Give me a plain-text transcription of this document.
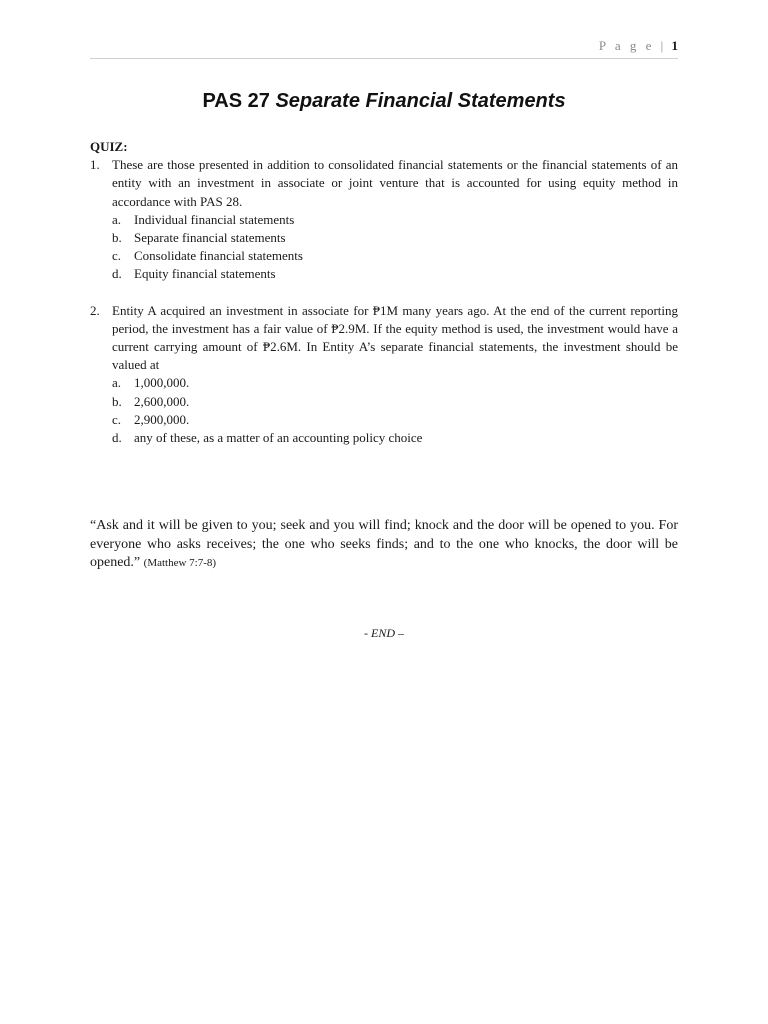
P a g e | 1
PAS 27 Separate Financial Statements

QUIZ:

1. These are those presented in addition to consolidated financial statements or the financial statements of an entity with an investment in associate or joint venture that is accounted for using equity method in accordance with PAS 28.

a. Individual financial statements
b. Separate financial statements
c. Consolidate financial statements
d. Equity financial statements
2. Entity A acquired an investment in associate for ₱1M many years ago. At the end of the current reporting period, the investment has a fair value of ₱2.9M. If the equity method is used, the investment would have a current carrying amount of ₱2.6M. In Entity A’s separate financial statements, the investment should be valued at

a. 1,000,000.
b. 2,600,000.
c. 2,900,000.
d. any of these, as a matter of an accounting policy choice

“Ask and it will be given to you; seek and you will find; knock and the door will be opened to you. For everyone who asks receives; the one who seeks finds; and to the one who knocks, the door will be opened.” (Matthew 7:7-8)

- END –
